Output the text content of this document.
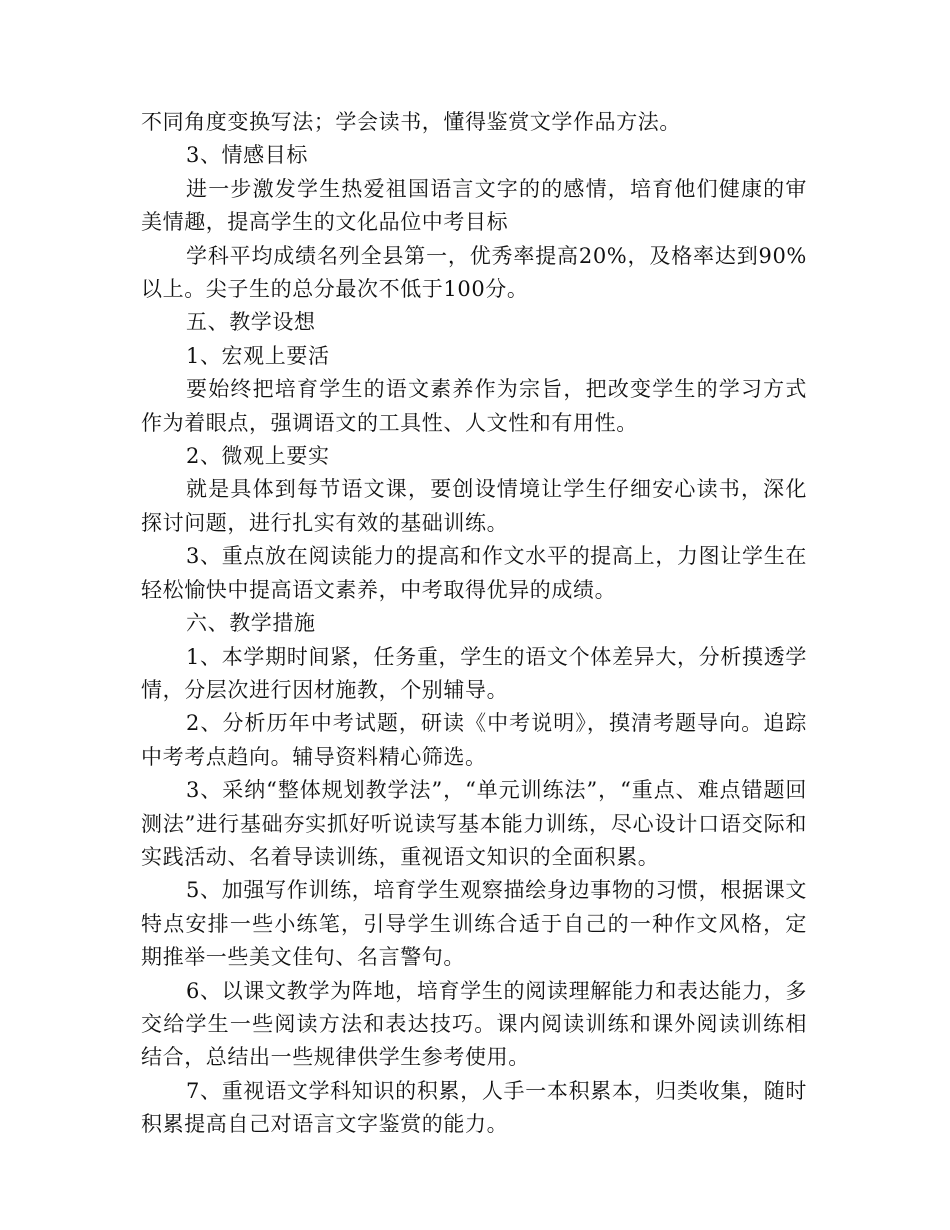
不同角度变换写法；学会读书，懂得鉴赏文学作品方法。

3、情感目标

进一步激发学生热爱祖国语言文字的的感情，培育他们健康的审美情趣，提高学生的文化品位中考目标

学科平均成绩名列全县第一，优秀率提高20%，及格率达到90%以上。尖子生的总分最次不低于100分。

五、教学设想

1、宏观上要活

要始终把培育学生的语文素养作为宗旨，把改变学生的学习方式作为着眼点，强调语文的工具性、人文性和有用性。

2、微观上要实

就是具体到每节语文课，要创设情境让学生仔细安心读书，深化探讨问题，进行扎实有效的基础训练。

3、重点放在阅读能力的提高和作文水平的提高上，力图让学生在轻松愉快中提高语文素养，中考取得优异的成绩。

六、教学措施

1、本学期时间紧，任务重，学生的语文个体差异大，分析摸透学情，分层次进行因材施教，个别辅导。

2、分析历年中考试题，研读《中考说明》，摸清考题导向。追踪中考考点趋向。辅导资料精心筛选。

3、采纳“整体规划教学法”，“单元训练法”，“重点、难点错题回测法”进行基础夯实抓好听说读写基本能力训练，尽心设计口语交际和实践活动、名着导读训练，重视语文知识的全面积累。

5、加强写作训练，培育学生观察描绘身边事物的习惯，根据课文特点安排一些小练笔，引导学生训练合适于自己的一种作文风格，定期推举一些美文佳句、名言警句。

6、以课文教学为阵地，培育学生的阅读理解能力和表达能力，多交给学生一些阅读方法和表达技巧。课内阅读训练和课外阅读训练相结合，总结出一些规律供学生参考使用。

7、重视语文学科知识的积累，人手一本积累本，归类收集，随时积累提高自己对语言文字鉴赏的能力。
